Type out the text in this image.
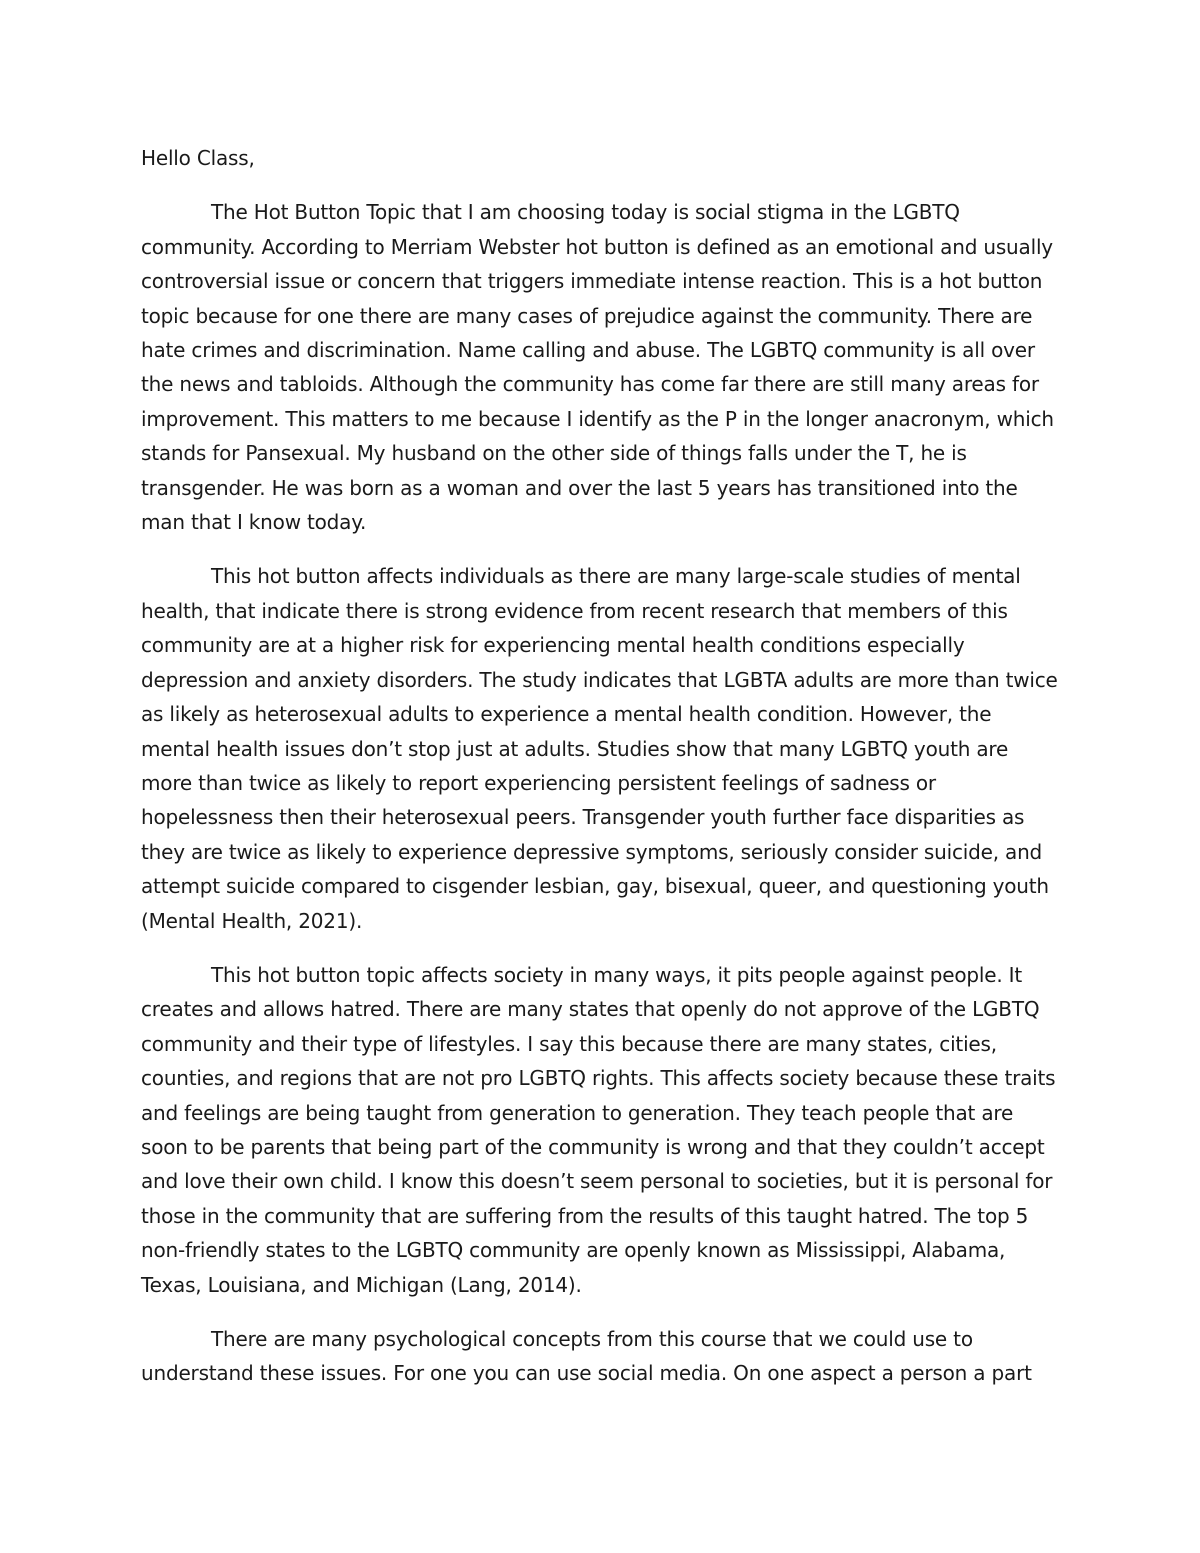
Hello Class,

The Hot Button Topic that I am choosing today is social stigma in the LGBTQ community. According to Merriam Webster hot button is defined as an emotional and usually controversial issue or concern that triggers immediate intense reaction. This is a hot button topic because for one there are many cases of prejudice against the community. There are hate crimes and discrimination. Name calling and abuse. The LGBTQ community is all over the news and tabloids. Although the community has come far there are still many areas for improvement. This matters to me because I identify as the P in the longer anacronym, which stands for Pansexual. My husband on the other side of things falls under the T, he is transgender. He was born as a woman and over the last 5 years has transitioned into the man that I know today.

This hot button affects individuals as there are many large-scale studies of mental health, that indicate there is strong evidence from recent research that members of this community are at a higher risk for experiencing mental health conditions especially depression and anxiety disorders. The study indicates that LGBTA adults are more than twice as likely as heterosexual adults to experience a mental health condition. However, the mental health issues don’t stop just at adults. Studies show that many LGBTQ youth are more than twice as likely to report experiencing persistent feelings of sadness or hopelessness then their heterosexual peers. Transgender youth further face disparities as they are twice as likely to experience depressive symptoms, seriously consider suicide, and attempt suicide compared to cisgender lesbian, gay, bisexual, queer, and questioning youth (Mental Health, 2021).

This hot button topic affects society in many ways, it pits people against people. It creates and allows hatred. There are many states that openly do not approve of the LGBTQ community and their type of lifestyles. I say this because there are many states, cities, counties, and regions that are not pro LGBTQ rights. This affects society because these traits and feelings are being taught from generation to generation. They teach people that are soon to be parents that being part of the community is wrong and that they couldn’t accept and love their own child. I know this doesn’t seem personal to societies, but it is personal for those in the community that are suffering from the results of this taught hatred. The top 5 non-friendly states to the LGBTQ community are openly known as Mississippi, Alabama, Texas, Louisiana, and Michigan (Lang, 2014).

There are many psychological concepts from this course that we could use to understand these issues. For one you can use social media. On one aspect a person a part
